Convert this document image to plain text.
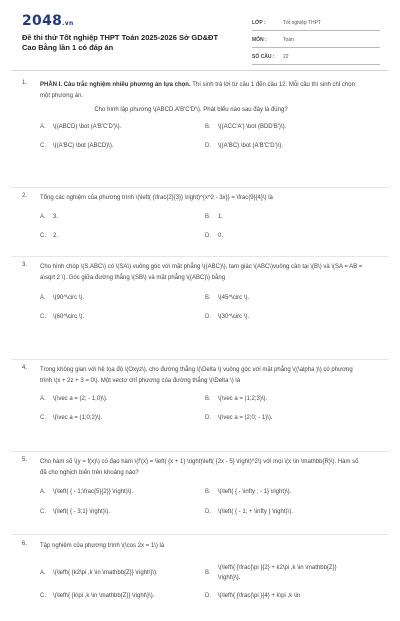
2048.vn
Đề thi thử Tốt nghiệp THPT Toán 2025-2026 Sở GD&ĐT
Cao Bằng lần 1 có đáp án
LỚP :	Tốt nghiệp THPT
MÔN :	Toán
SỐ CÂU :	22
1. PHẦN I. Câu trắc nghiệm nhiều phương án lựa chọn. Thí sinh trả lời từ câu 1 đến câu 12. Mỗi câu thí sinh chỉ chọn một phương án.
Cho hình lập phương \(ABCD.A'B'C'D'\). Phát biểu nào sau đây là đúng?
A.	\((ABCD) \bot (A'B'C'D')\).	B.	\((ACC'A') \bot (BDD'B')\).
C.	\((A'BC) \bot (ABCD)\).	D.	\((A'BC) \bot (A'B'C'D')\).
2. Tổng các nghiệm của phương trình \(\left( {\frac{2}{3}} \right)^{x^2 - 3x}} = \frac{9}{4}\) là
A.	3.	B.	1.
C.	2.	D.	0.
3. Cho hình chóp \(S.ABC\) có \(SA\) vuông góc với mặt phẳng \((ABC)\), tam giác \(ABC\)vuông cân tại \(B\) và \(SA = AB = a\sqrt 2 \). Góc giữa đường thẳng \(SB\) và mặt phẳng \((ABC)\) bằng
A.	\(90^\circ \).	B.	\(45^\circ \).
C.	\(60^\circ \).	D.	\(30^\circ \).
4. Trong không gian với hệ tọa độ \(Oxyz\), cho đường thẳng \(\Delta \) vuông góc với mặt phẳng \((\alpha )\) có phương trình \(x + 2z + 3 = 0\). Một vectơ chỉ phương của đường thẳng \(\Delta \) là
A.	\(\vec a = (2; - 1;0)\).	B.	\(\vec a = (1;2;3)\).
C.	\(\vec a = (1;0;2)\).	D.	\(\vec a = (2;0; - 1)\).
5. Cho hàm số \(y = f(x)\) có đạo hàm \(f'(x) = \left( {x + 1} \right)\left( {2x - 5} \right)^2\) với mọi \(x \in \mathbb{R}\). Hàm số đã cho nghịch biến trên khoảng nào?
A.	\(\left( { - 1;\frac{5}{2}} \right)\).	B.	\(\left( { - \infty ; - 1} \right)\).
C.	\(\left( { - 3;1} \right)\).	D.	\(\left( { - 1; + \infty } \right)\).
6. Tập nghiệm của phương trình \(\cos 2x = 1\) là
A.	\(\left\{ {k2\pi ,k \in \mathbb{Z}} \right\}\).	B.
\(\left\{ {\frac{\pi }{2} + k2\pi ,k \in \mathbb{Z}} \right\}\).
C.	\(\left\{ {k\pi ,k \in \mathbb{Z}} \right\}\).	D.	\(\left\{ {\frac{\pi }{4} + k\pi ,k \in
